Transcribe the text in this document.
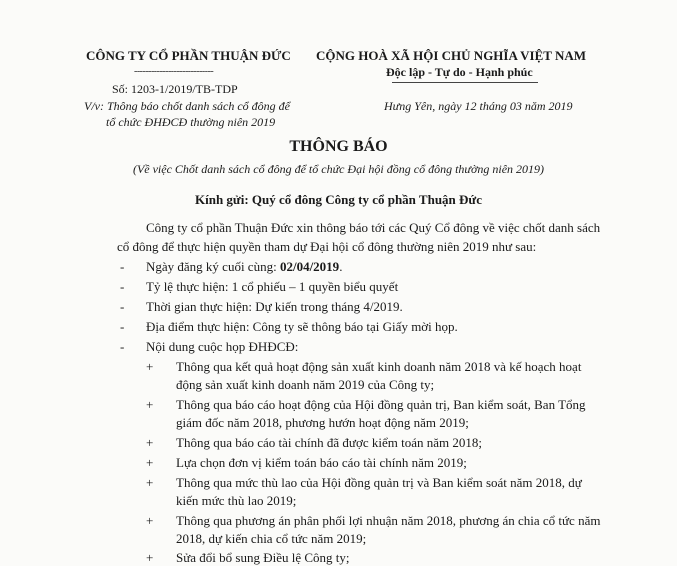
CÔNG TY CỔ PHẦN THUẬN ĐỨC
----------------------------
Số: 1203-1/2019/TB-TDP
V/v: Thông báo chốt danh sách cổ đông để
tổ chức ĐHĐCĐ thường niên 2019
CỘNG HOÀ XÃ HỘI CHỦ NGHĨA VIỆT NAM
Độc lập - Tự do - Hạnh phúc
Hưng Yên, ngày 12 tháng 03 năm 2019
THÔNG BÁO
(Về việc Chốt danh sách cổ đông để tổ chức Đại hội đồng cổ đông thường niên 2019)
Kính gửi: Quý cổ đông Công ty cổ phần Thuận Đức
Công ty cổ phần Thuận Đức xin thông báo tới các Quý Cổ đông về việc chốt danh sách
cổ đông để thực hiện quyền tham dự Đại hội cổ đông thường niên 2019 như sau:
- Ngày đăng ký cuối cùng: 02/04/2019.
- Tỷ lệ thực hiện: 1 cổ phiếu – 1 quyền biểu quyết
- Thời gian thực hiện: Dự kiến trong tháng 4/2019.
- Địa điểm thực hiện: Công ty sẽ thông báo tại Giấy mời họp.
- Nội dung cuộc họp ĐHĐCĐ:
+ Thông qua kết quả hoạt động sản xuất kinh doanh năm 2018 và kế hoạch hoạt
động sản xuất kinh doanh năm 2019 của Công ty;
+ Thông qua báo cáo hoạt động của Hội đồng quản trị, Ban kiểm soát, Ban Tổng
giám đốc năm 2018, phương hướn hoạt động năm 2019;
+ Thông qua báo cáo tài chính đã được kiểm toán năm 2018;
+ Lựa chọn đơn vị kiểm toán báo cáo tài chính năm 2019;
+ Thông qua mức thù lao của Hội đồng quản trị và Ban kiểm soát năm 2018, dự
kiến mức thù lao 2019;
+ Thông qua phương án phân phối lợi nhuận năm 2018, phương án chia cổ tức năm
2018, dự kiến chia cổ tức năm 2019;
+ Sửa đổi bổ sung Điều lệ Công ty;
